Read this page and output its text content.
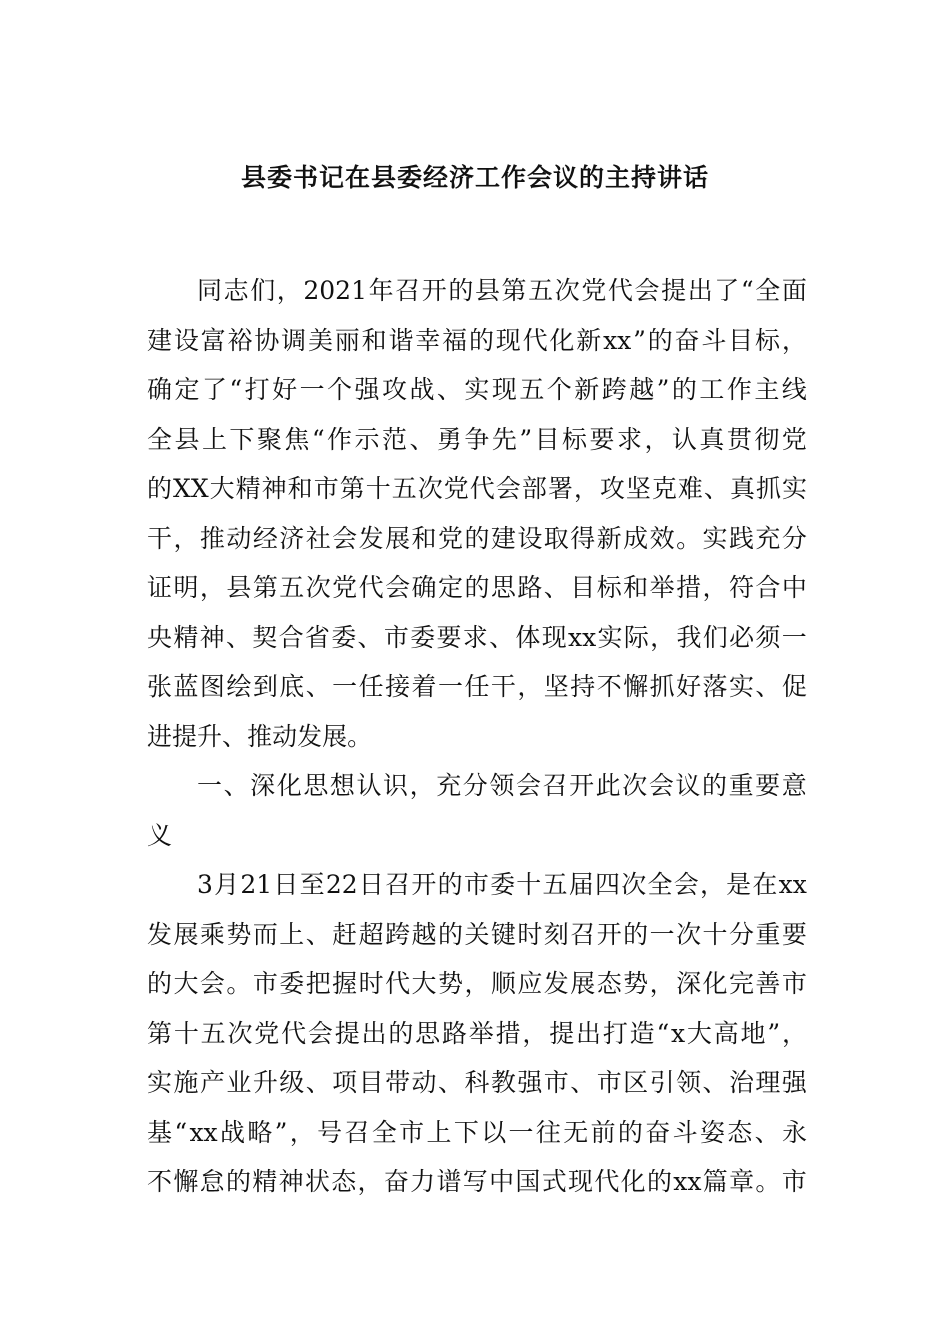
县委书记在县委经济工作会议的主持讲话
同 志 们 ， 2021 年 召 开 的 县 第 五 次 党 代 会 提 出 了 “ 全 面
建 设 富 裕 协 调 美 丽 和 谐 幸 福 的 现 代 化 新 xx ” 的 奋 斗 目 标 ，
确 定 了 “ 打 好 一 个 强 攻 战 、 实 现 五 个 新 跨 越 ” 的 工 作 主 线
全 县 上 下 聚 焦 “ 作 示 范 、 勇 争 先 ” 目 标 要 求 ， 认 真 贯 彻 党
的 XX 大 精 神 和 市 第 十 五 次 党 代 会 部 署 ， 攻 坚 克 难 、 真 抓 实
干 ， 推 动 经 济 社 会 发 展 和 党 的 建 设 取 得 新 成 效 。 实 践 充 分
证 明 ， 县 第 五 次 党 代 会 确 定 的 思 路 、 目 标 和 举 措 ， 符 合 中
央 精 神 、 契 合 省 委 、 市 委 要 求 、 体 现 xx 实 际 ， 我 们 必 须 一
张 蓝 图 绘 到 底 、 一 任 接 着 一 任 干 ， 坚 持 不 懈 抓 好 落 实 、 促
进 提 升 、 推 动 发 展 。
一 、 深 化 思 想 认 识 ， 充 分 领 会 召 开 此 次 会 议 的 重 要 意
义
3 月 21 日 至 22 日 召 开 的 市 委 十 五 届 四 次 全 会 ， 是 在 xx
发 展 乘 势 而 上 、 赶 超 跨 越 的 关 键 时 刻 召 开 的 一 次 十 分 重 要
的 大 会 。 市 委 把 握 时 代 大 势 ， 顺 应 发 展 态 势 ， 深 化 完 善 市
第 十 五 次 党 代 会 提 出 的 思 路 举 措 ， 提 出 打 造 “ x 大 高 地 ” ，
实 施 产 业 升 级 、 项 目 带 动 、 科 教 强 市 、 市 区 引 领 、 治 理 强
基 “ xx 战 略 ” ， 号 召 全 市 上 下 以 一 往 无 前 的 奋 斗 姿 态 、 永
不 懈 怠 的 精 神 状 态 ， 奋 力 谱 写 中 国 式 现 代 化 的 xx 篇 章 。 市
